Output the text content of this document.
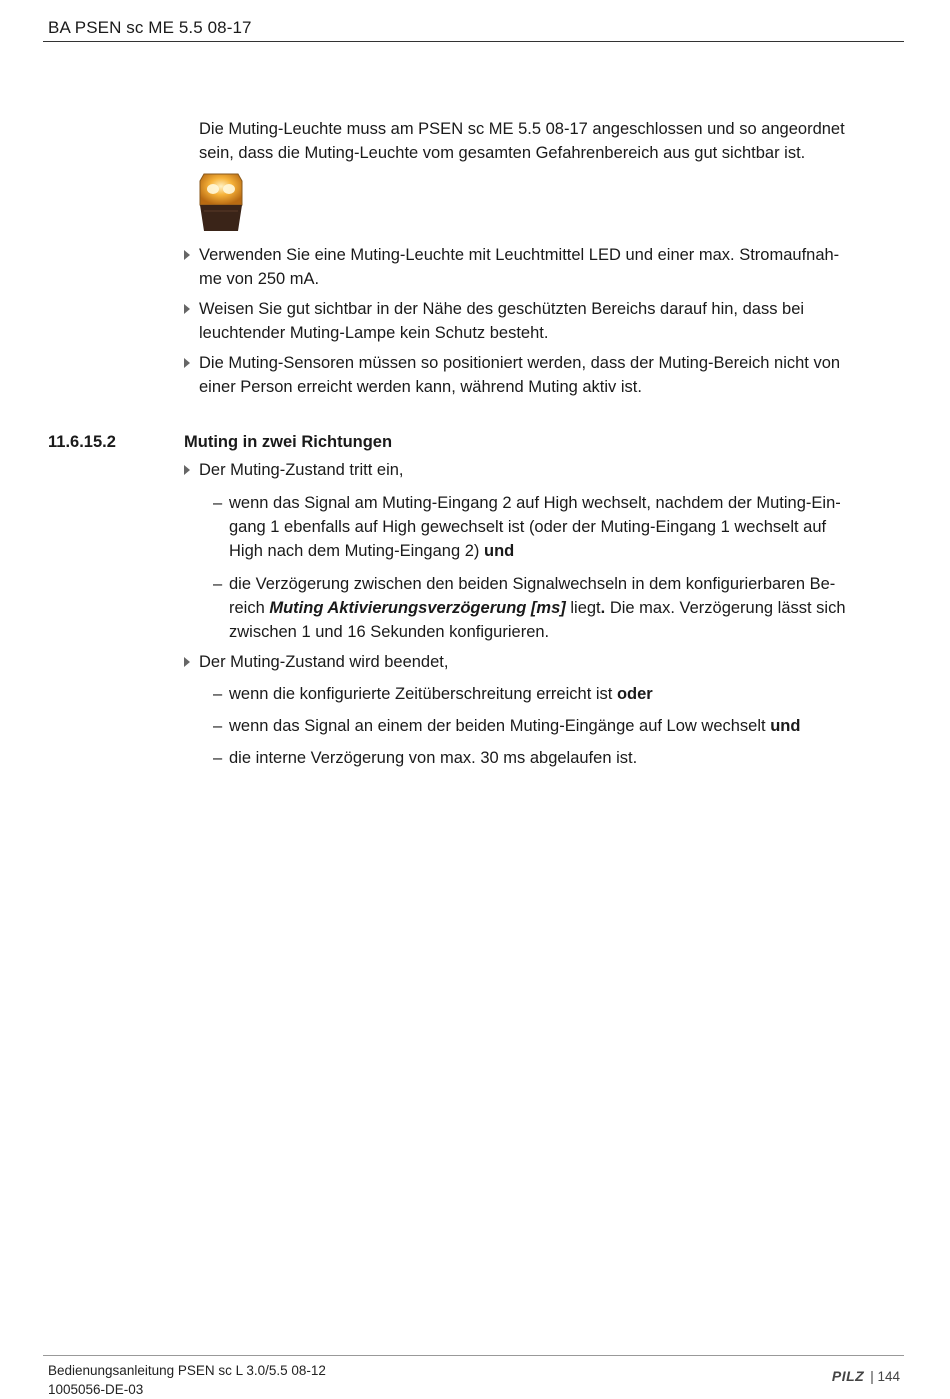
BA PSEN sc ME 5.5 08-17
Die Muting-Leuchte muss am PSEN sc ME 5.5 08-17 angeschlossen und so angeordnet
sein, dass die Muting-Leuchte vom gesamten Gefahrenbereich aus gut sichtbar ist.
Verwenden Sie eine Muting-Leuchte mit Leuchtmittel LED und einer max. Stromaufnah-
me von 250 mA.
Weisen Sie gut sichtbar in der Nähe des geschützten Bereichs darauf hin, dass bei
leuchtender Muting-Lampe kein Schutz besteht.
Die Muting-Sensoren müssen so positioniert werden, dass der Muting-Bereich nicht von
einer Person erreicht werden kann, während Muting aktiv ist.
11.6.15.2	Muting in zwei Richtungen
Der Muting-Zustand tritt ein,
– wenn das Signal am Muting-Eingang 2 auf High wechselt, nachdem der Muting-Ein-
gang 1 ebenfalls auf High gewechselt ist (oder der Muting-Eingang 1 wechselt auf
High nach dem Muting-Eingang 2) und
– die Verzögerung zwischen den beiden Signalwechseln in dem konfigurierbaren Be-
reich Muting Aktivierungsverzögerung [ms] liegt. Die max. Verzögerung lässt sich
zwischen 1 und 16 Sekunden konfigurieren.
Der Muting-Zustand wird beendet,
– wenn die konfigurierte Zeitüberschreitung erreicht ist oder
– wenn das Signal an einem der beiden Muting-Eingänge auf Low wechselt und
– die interne Verzögerung von max. 30 ms abgelaufen ist.
Bedienungsanleitung PSEN sc L 3.0/5.5 08-12
1005056-DE-03
PILZ | 144
